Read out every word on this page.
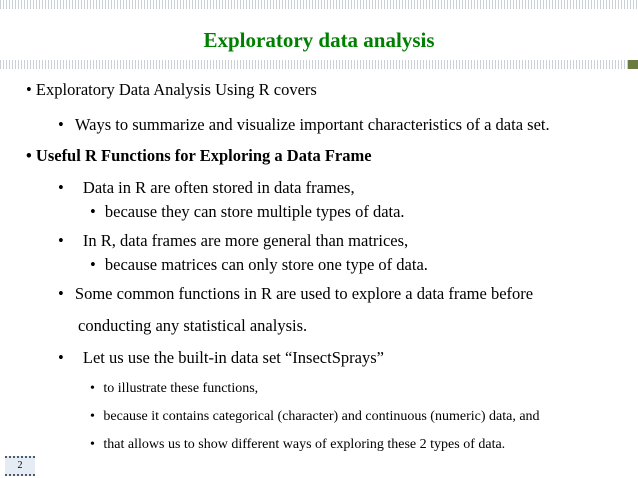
Exploratory data analysis
• Exploratory Data Analysis Using R covers
• Ways to summarize and visualize important characteristics of a data set.
• Useful R Functions for Exploring a Data Frame
• Data in R are often stored in data frames,
• because they can store multiple types of data.
• In R, data frames are more general than matrices,
• because matrices can only store one type of data.
• Some common functions in R are used to explore a data frame before
conducting any statistical analysis.
• Let us use the built-in data set “InsectSprays”
• to illustrate these functions,
• because it contains categorical (character) and continuous (numeric) data, and
• that allows us to show different ways of exploring these 2 types of data.
2
